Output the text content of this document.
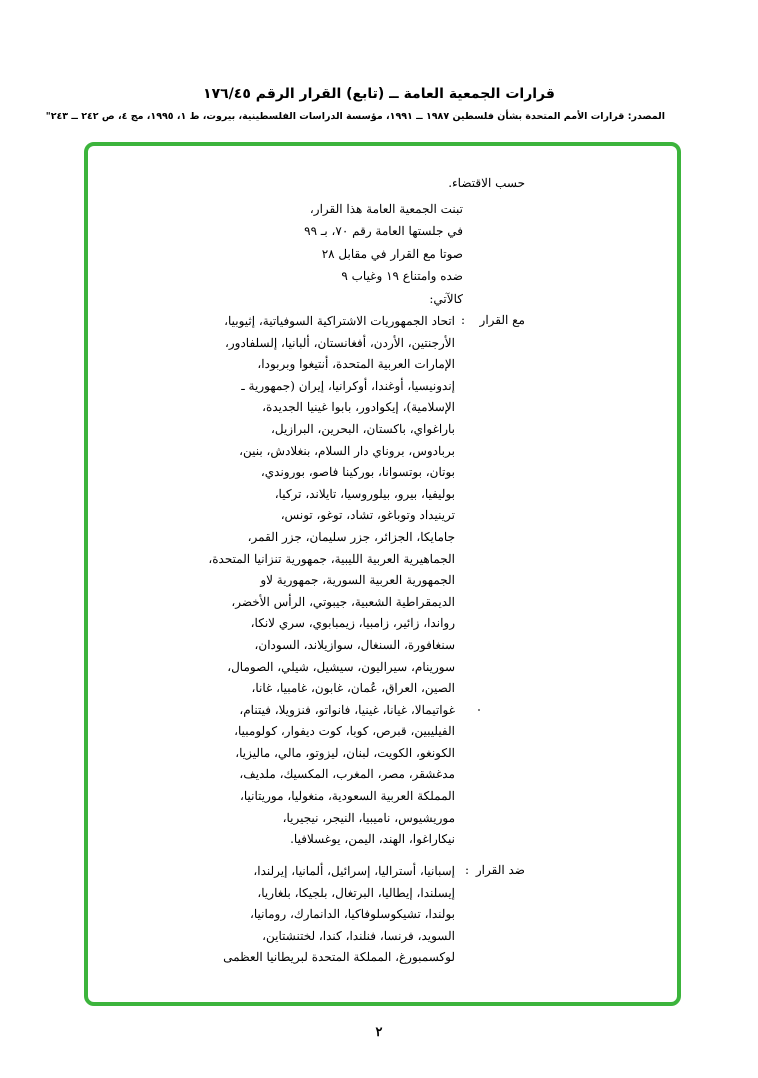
قرارات الجمعية العامة ــ (تابع) القرار الرقم ١٧٦/٤٥
المصدر: قرارات الأمم المتحدة بشأن فلسطين ١٩٨٧ ــ ١٩٩١، مؤسسة الدراسات الفلسطينية، بيروت، ط ١، ١٩٩٥، مج ٤، ص ٢٤٢ ــ ٢٤٣"
حسب الاقتضاء.
تبنت الجمعية العامة هذا القرار،
في جلستها العامة رقم ٧٠، بـ ٩٩
صوتا مع القرار في مقابل ٢٨
ضده وامتناع ١٩ وغياب ٩
كالآتي:
مع القرار
:
اتحاد الجمهوريات الاشتراكية السوفياتية، إثيوبيا،
الأرجنتين، الأردن، أفغانستان، ألبانيا، إلسلفادور،
الإمارات العربية المتحدة، أنتيغوا وبربودا،
إندونيسيا، أوغندا، أوكرانيا، إيران (جمهورية ـ
الإسلامية)، إيكوادور، بابوا غينيا الجديدة،
باراغواي، باكستان، البحرين، البرازيل،
بربادوس، بروناي دار السلام، بنغلادش، بنين،
بوتان، بوتسوانا، بوركينا فاصو، بوروندي،
بوليفيا، بيرو، بيلوروسيا، تايلاند، تركيا،
ترينيداد وتوباغو، تشاد، توغو، تونس،
جامايكا، الجزائر، جزر سليمان، جزر القمر،
الجماهيرية العربية الليبية، جمهورية تنزانيا المتحدة،
الجمهورية العربية السورية، جمهورية لاو
الديمقراطية الشعبية، جيبوتي، الرأس الأخضر،
رواندا، زائير، زامبيا، زيمبابوي، سري لانكا،
سنغافورة، السنغال، سوازيلاند، السودان،
سورينام، سيراليون، سيشيل، شيلي، الصومال،
الصين، العراق، عُمان، غابون، غامبيا، غانا،
غواتيمالا، غيانا، غينيا، فانواتو، فنزويلا، فيتنام،
الفيليبين، قبرص، كوبا، كوت ديفوار، كولومبيا،
الكونغو، الكويت، لبنان، ليزوتو، مالي، ماليزيا،
مدغشقر، مصر، المغرب، المكسيك، ملديف،
المملكة العربية السعودية، منغوليا، موريتانيا،
موريشيوس، ناميبيا، النيجر، نيجيريا،
نيكاراغوا، الهند، اليمن، يوغسلافيا.
ضد القرار
:
إسبانيا، أستراليا، إسرائيل، ألمانيا، إيرلندا،
إيسلندا، إيطاليا، البرتغال، بلجيكا، بلغاريا،
بولندا، تشيكوسلوفاكيا، الدانمارك، رومانيا،
السويد، فرنسا، فنلندا، كندا، لختنشتاين،
لوكسمبورغ، المملكة المتحدة لبريطانيا العظمى
٢
